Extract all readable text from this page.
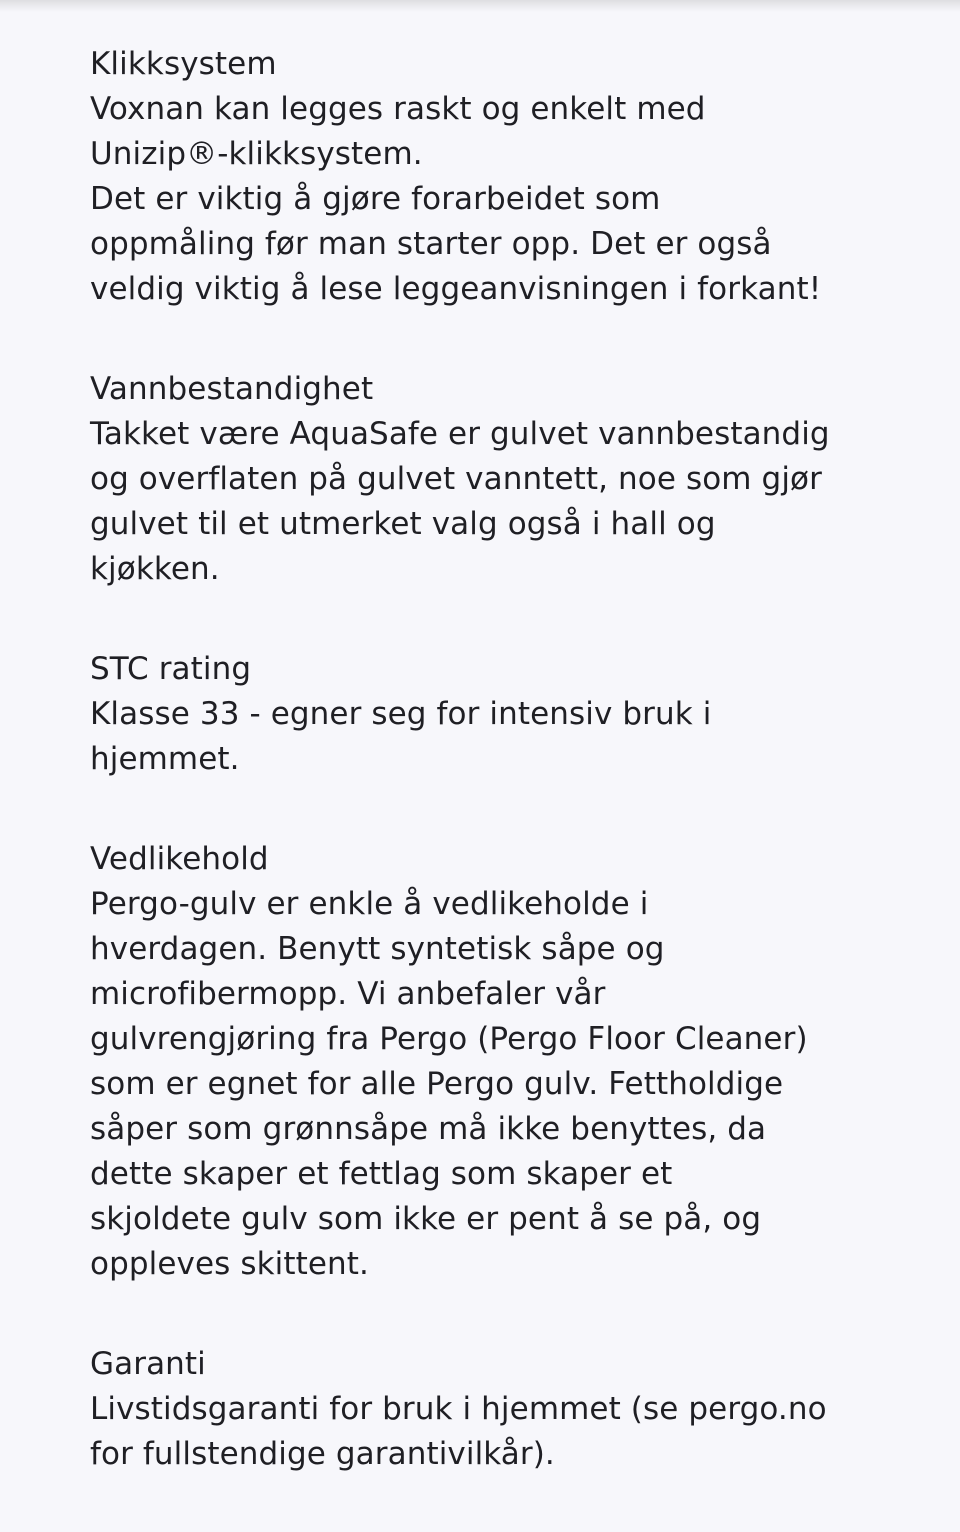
Klikksystem
Voxnan kan legges raskt og enkelt med
Unizip®-klikksystem.
Det er viktig å gjøre forarbeidet som
oppmåling før man starter opp. Det er også
veldig viktig å lese leggeanvisningen i forkant!
Vannbestandighet
Takket være AquaSafe er gulvet vannbestandig
og overflaten på gulvet vanntett, noe som gjør
gulvet til et utmerket valg også i hall og
kjøkken.
STC rating
Klasse 33 - egner seg for intensiv bruk i
hjemmet.
Vedlikehold
Pergo-gulv er enkle å vedlikeholde i
hverdagen. Benytt syntetisk såpe og
microfibermopp. Vi anbefaler vår
gulvrengjøring fra Pergo (Pergo Floor Cleaner)
som er egnet for alle Pergo gulv. Fettholdige
såper som grønnsåpe må ikke benyttes, da
dette skaper et fettlag som skaper et
skjoldete gulv som ikke er pent å se på, og
oppleves skittent.
Garanti
Livstidsgaranti for bruk i hjemmet (se pergo.no
for fullstendige garantivilkår).
